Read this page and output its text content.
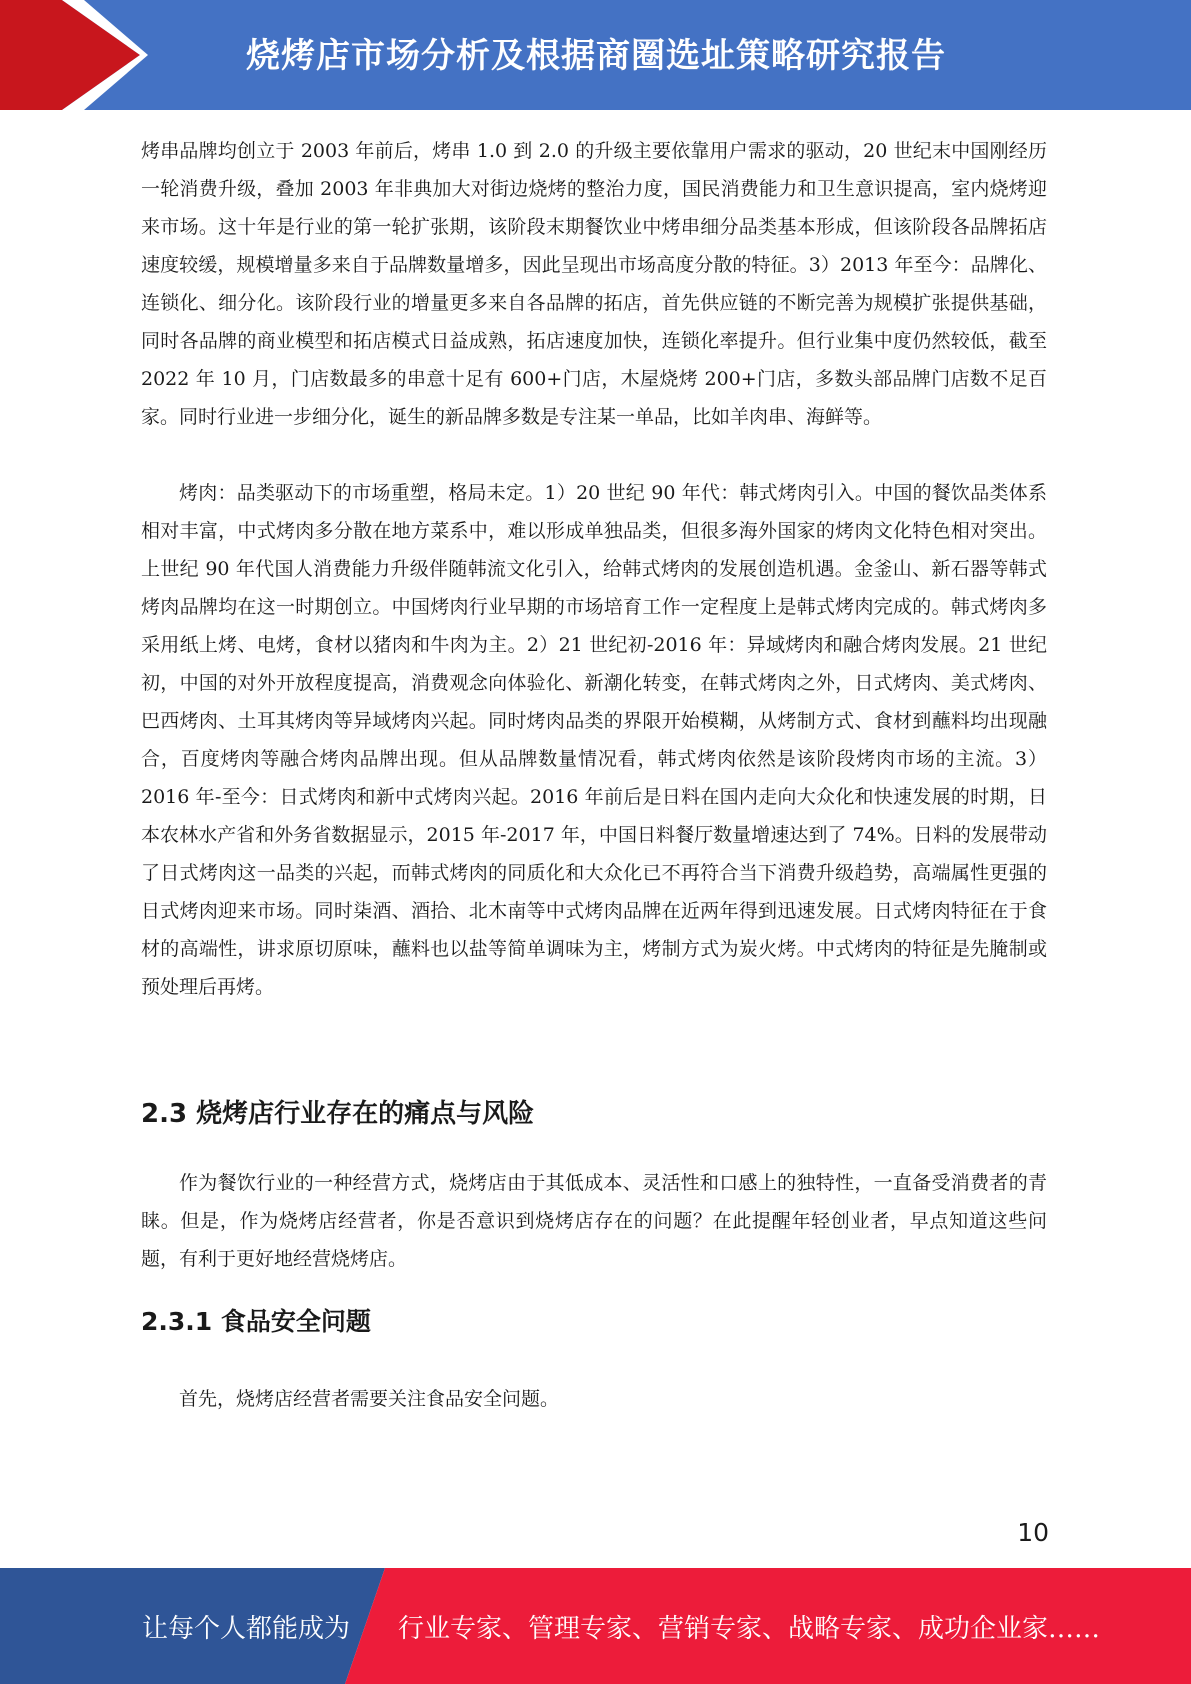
烧烤店市场分析及根据商圈选址策略研究报告

烤串品牌均创立于 2003 年前后，烤串 1.0 到 2.0 的升级主要依靠用户需求的驱动，20 世纪末中国刚经历一轮消费升级，叠加 2003 年非典加大对街边烧烤的整治力度，国民消费能力和卫生意识提高，室内烧烤迎来市场。这十年是行业的第一轮扩张期，该阶段末期餐饮业中烤串细分品类基本形成，但该阶段各品牌拓店速度较缓，规模增量多来自于品牌数量增多，因此呈现出市场高度分散的特征。3）2013 年至今：品牌化、连锁化、细分化。该阶段行业的增量更多来自各品牌的拓店，首先供应链的不断完善为规模扩张提供基础，同时各品牌的商业模型和拓店模式日益成熟，拓店速度加快，连锁化率提升。但行业集中度仍然较低，截至 2022 年 10 月，门店数最多的串意十足有 600+门店，木屋烧烤 200+门店，多数头部品牌门店数不足百家。同时行业进一步细分化，诞生的新品牌多数是专注某一单品，比如羊肉串、海鲜等。

烤肉：品类驱动下的市场重塑，格局未定。1）20 世纪 90 年代：韩式烤肉引入。中国的餐饮品类体系相对丰富，中式烤肉多分散在地方菜系中，难以形成单独品类，但很多海外国家的烤肉文化特色相对突出。上世纪 90 年代国人消费能力升级伴随韩流文化引入，给韩式烤肉的发展创造机遇。金釜山、新石器等韩式烤肉品牌均在这一时期创立。中国烤肉行业早期的市场培育工作一定程度上是韩式烤肉完成的。韩式烤肉多采用纸上烤、电烤，食材以猪肉和牛肉为主。2）21 世纪初-2016 年：异域烤肉和融合烤肉发展。21 世纪初，中国的对外开放程度提高，消费观念向体验化、新潮化转变，在韩式烤肉之外，日式烤肉、美式烤肉、巴西烤肉、土耳其烤肉等异域烤肉兴起。同时烤肉品类的界限开始模糊，从烤制方式、食材到蘸料均出现融合，百度烤肉等融合烤肉品牌出现。但从品牌数量情况看，韩式烤肉依然是该阶段烤肉市场的主流。3）2016 年-至今：日式烤肉和新中式烤肉兴起。2016 年前后是日料在国内走向大众化和快速发展的时期，日本农林水产省和外务省数据显示，2015 年-2017 年，中国日料餐厅数量增速达到了 74%。日料的发展带动了日式烤肉这一品类的兴起，而韩式烤肉的同质化和大众化已不再符合当下消费升级趋势，高端属性更强的日式烤肉迎来市场。同时柒酒、酒拾、北木南等中式烤肉品牌在近两年得到迅速发展。日式烤肉特征在于食材的高端性，讲求原切原味，蘸料也以盐等简单调味为主，烤制方式为炭火烤。中式烤肉的特征是先腌制或预处理后再烤。

2.3 烧烤店行业存在的痛点与风险

作为餐饮行业的一种经营方式，烧烤店由于其低成本、灵活性和口感上的独特性，一直备受消费者的青睐。但是，作为烧烤店经营者，你是否意识到烧烤店存在的问题？在此提醒年轻创业者，早点知道这些问题，有利于更好地经营烧烤店。

2.3.1 食品安全问题

首先，烧烤店经营者需要关注食品安全问题。

10
让每个人都能成为 行业专家、管理专家、营销专家、战略专家、成功企业家……
